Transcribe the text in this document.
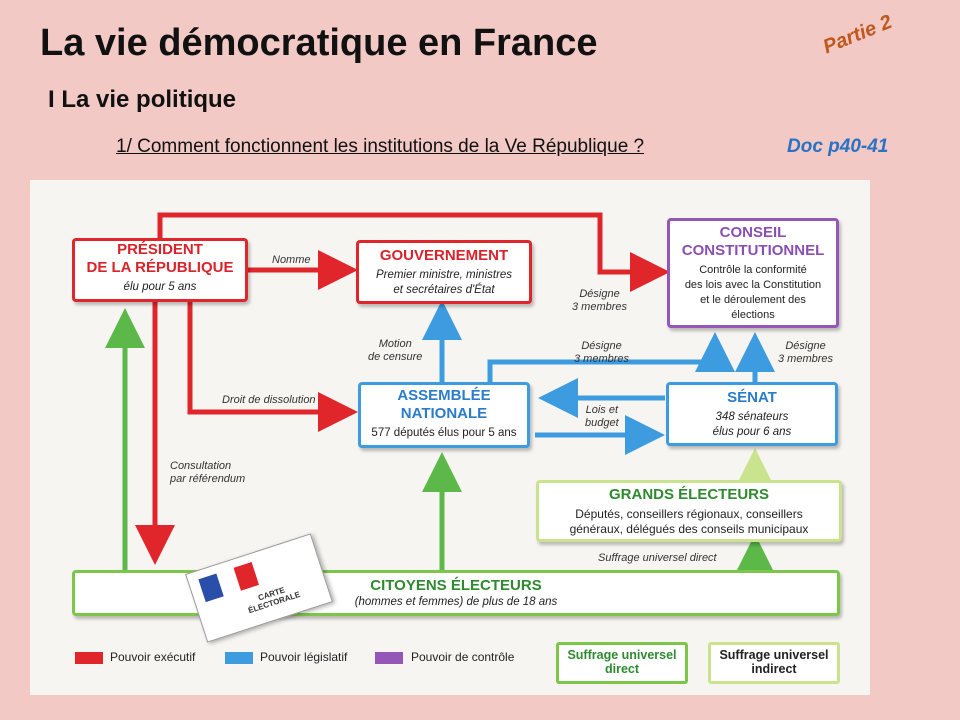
La vie démocratique en France	Partie 2
I La vie politique
1/ Comment fonctionnent les institutions de la Ve République ?	Doc p40-41
PRÉSIDENT
DE LA RÉPUBLIQUE
élu pour 5 ans
GOUVERNEMENT
Premier ministre, ministres
et secrétaires d'État
CONSEIL
CONSTITUTIONNEL
Contrôle la conformité
des lois avec la Constitution
et le déroulement des
élections
ASSEMBLÉE
NATIONALE
577 députés élus pour 5 ans
SÉNAT
348 sénateurs
élus pour 6 ans
GRANDS ÉLECTEURS
Députés, conseillers régionaux, conseillers
généraux, délégués des conseils municipaux
CITOYENS ÉLECTEURS
(hommes et femmes) de plus de 18 ans
Nomme
Désigne
3 membres
Motion
de censure
Désigne
3 membres
Désigne
3 membres
Droit de dissolution
Lois et
budget
Consultation
par référendum
Suffrage universel direct
CARTE
ÉLECTORALE
Pouvoir exécutif	Pouvoir législatif	Pouvoir de contrôle	Suffrage universel
direct
Suffrage universel
indirect
